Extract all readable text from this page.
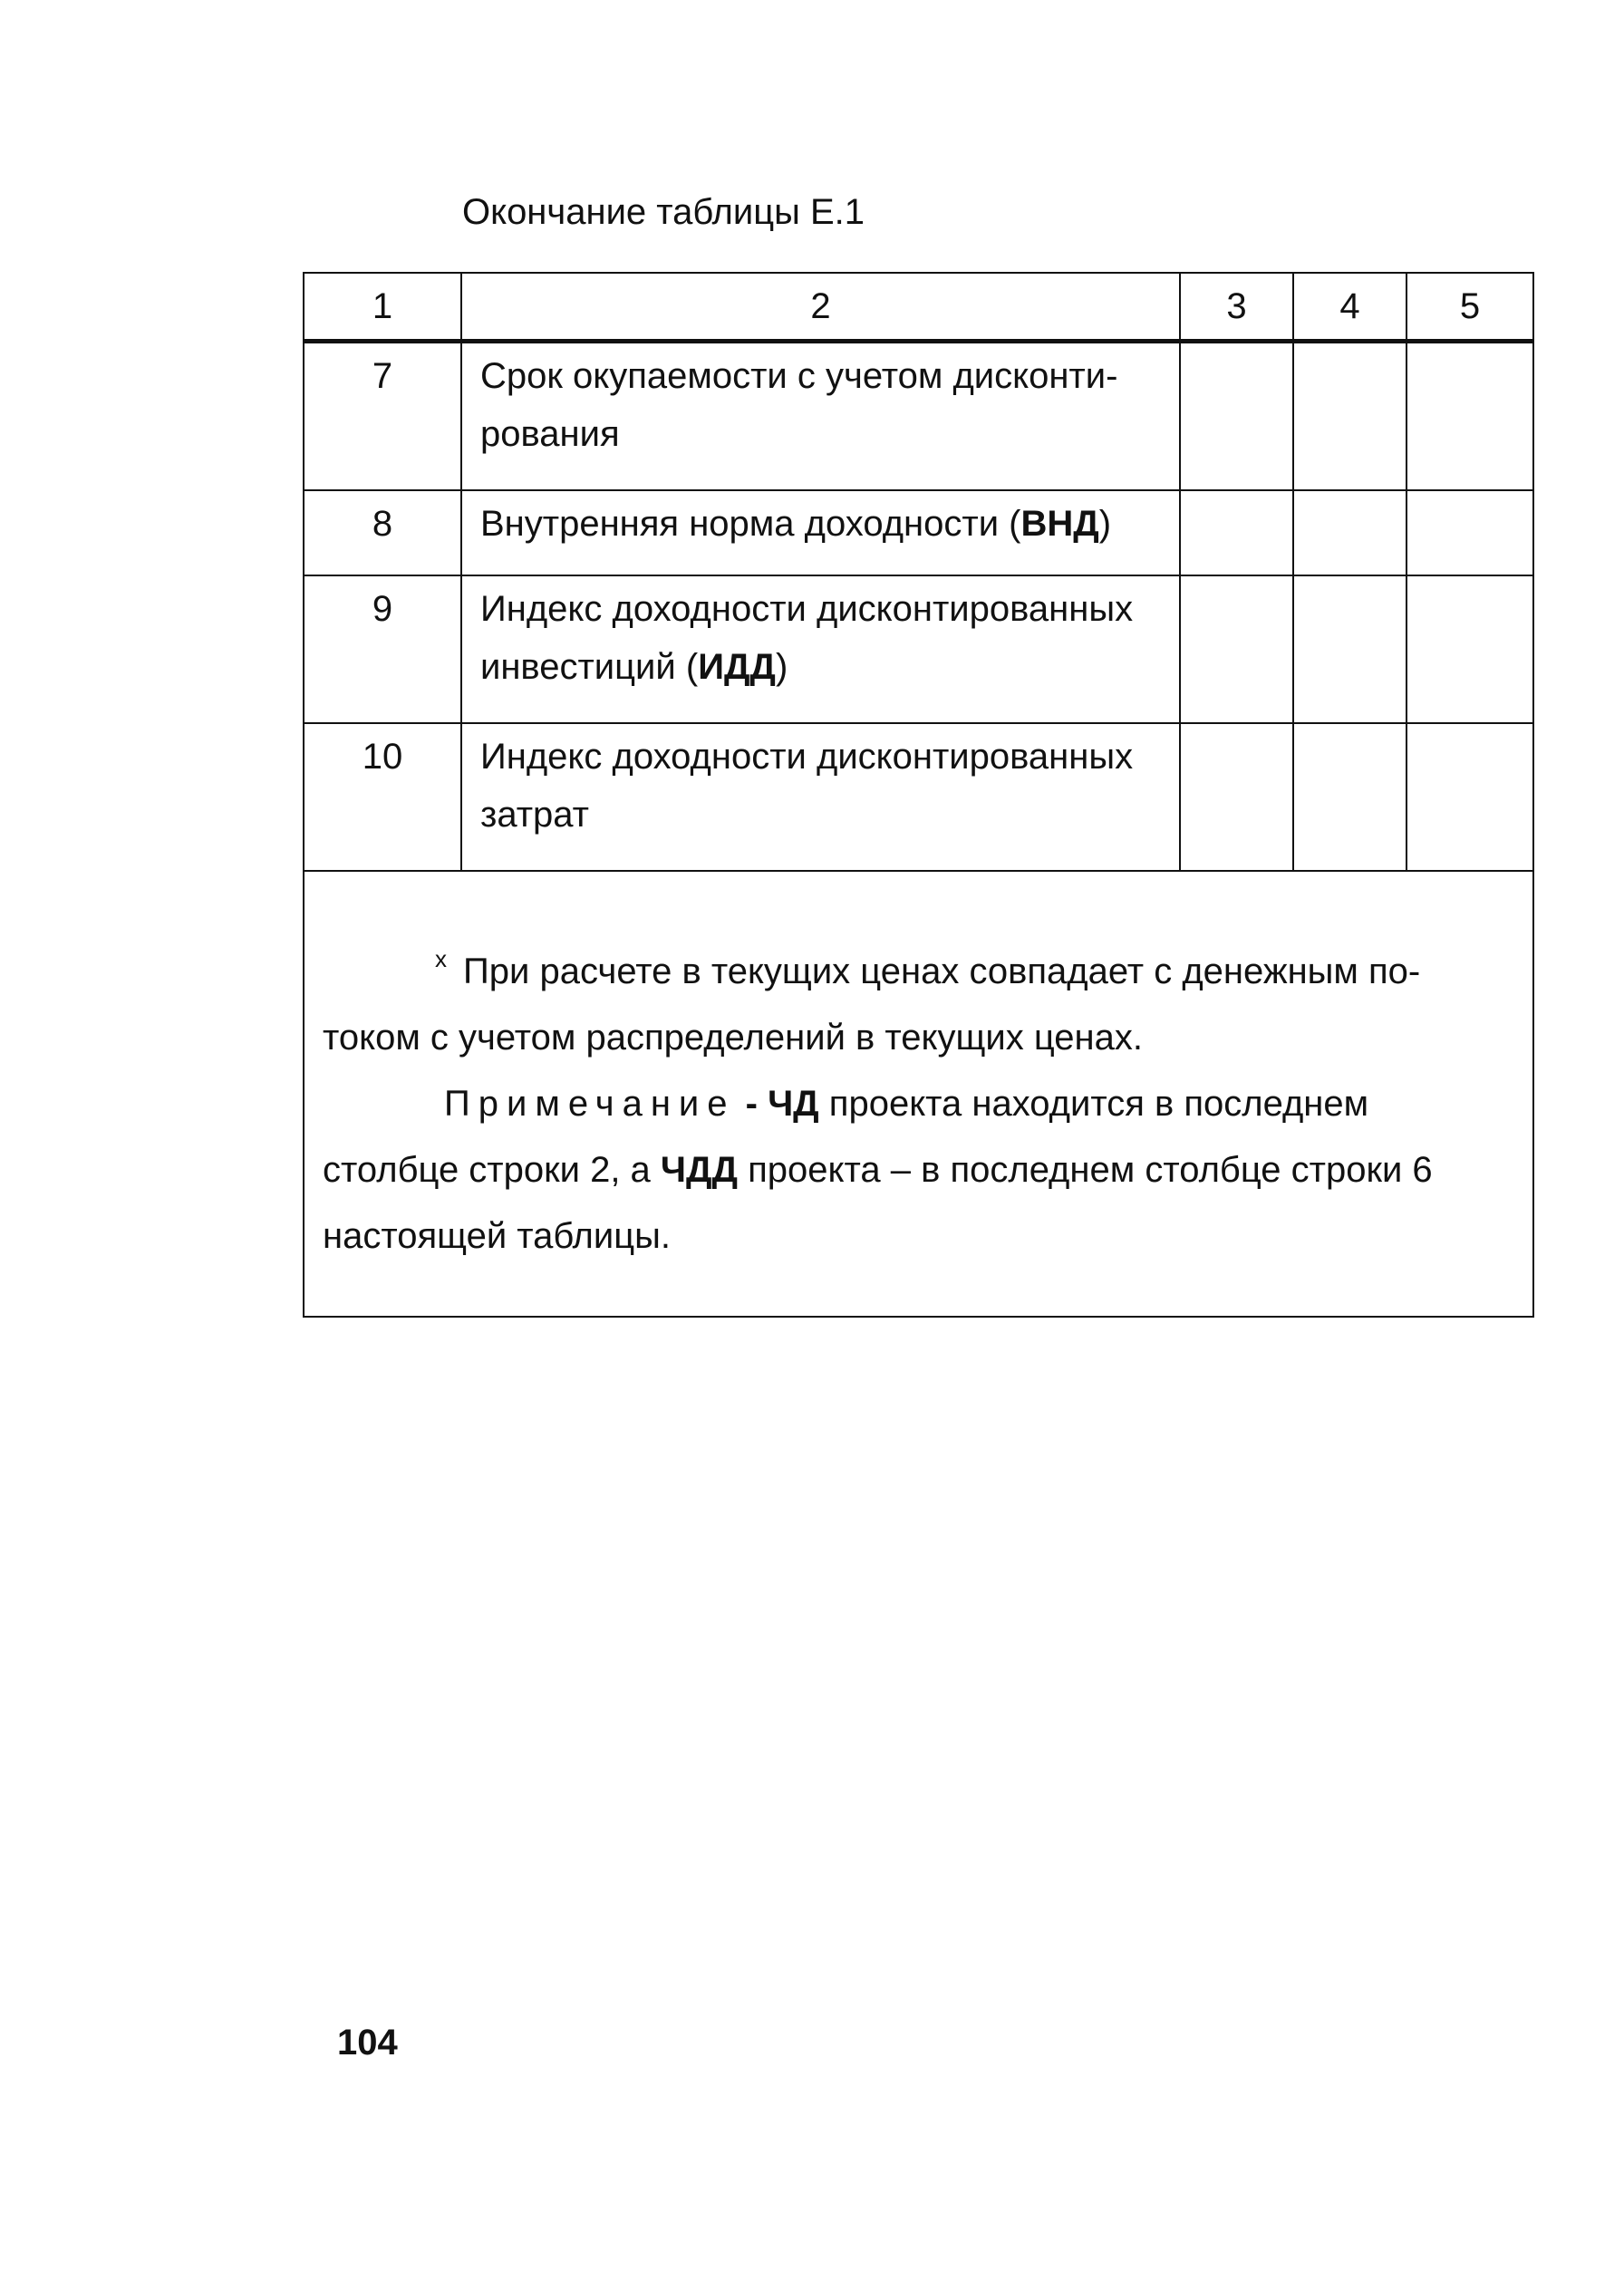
Окончание таблицы Е.1
1	2	3	4	5
7	Срок окупаемости с учетом дисконти-
рования			
8	Внутренняя норма доходности (ВНД)			

9	Индекс доходности дисконтированных
инвестиций (ИДД)			
10	Индекс доходности дисконтированных
затрат			

$^х$ При расчете в текущих ценах совпадает с денежным по-
током с учетом распределений в текущих ценах.

Примечание - ЧД проекта находится в последнем
столбце строки 2, а ЧДД проекта – в последнем столбце строки 6
настоящей таблицы.				

104
